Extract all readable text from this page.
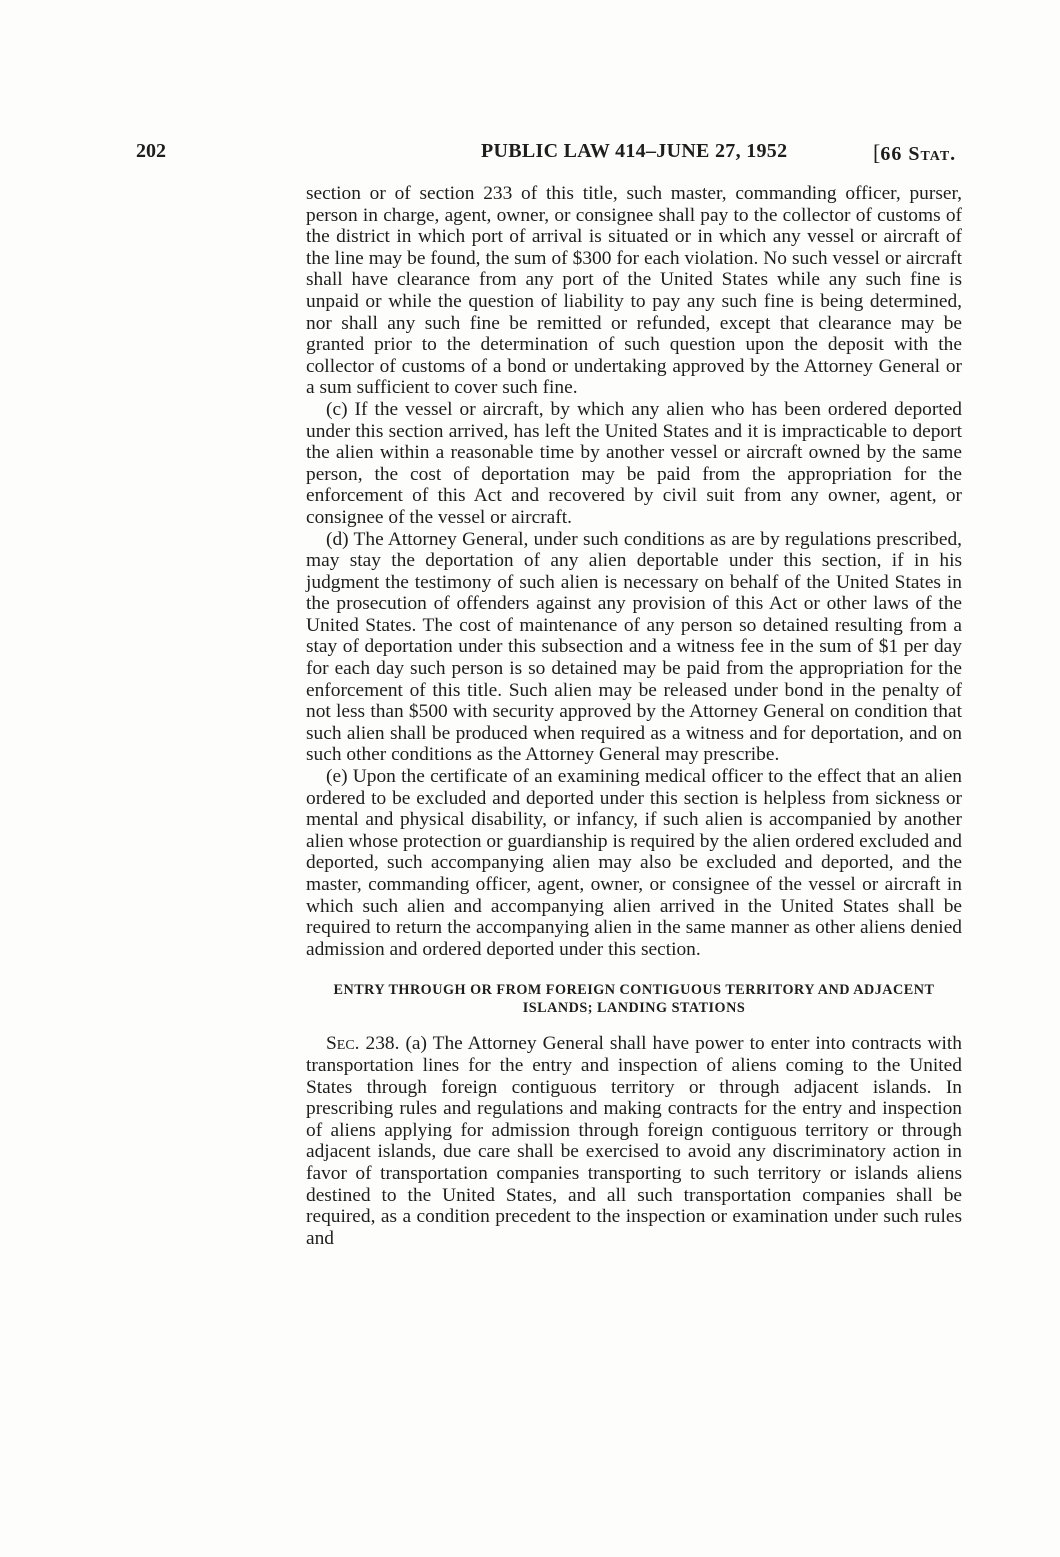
202	PUBLIC LAW 414–JUNE 27, 1952	[66 Stat.

section or of section 233 of this title, such master, commanding officer, purser, person in charge, agent, owner, or consignee shall pay to the collector of customs of the district in which port of arrival is situated or in which any vessel or aircraft of the line may be found, the sum of $300 for each violation. No such vessel or aircraft shall have clearance from any port of the United States while any such fine is unpaid or while the question of liability to pay any such fine is being determined, nor shall any such fine be remitted or refunded, except that clearance may be granted prior to the determination of such question upon the deposit with the collector of customs of a bond or undertaking approved by the Attorney General or a sum sufficient to cover such fine.

(c) If the vessel or aircraft, by which any alien who has been ordered deported under this section arrived, has left the United States and it is impracticable to deport the alien within a reasonable time by another vessel or aircraft owned by the same person, the cost of deportation may be paid from the appropriation for the enforcement of this Act and recovered by civil suit from any owner, agent, or consignee of the vessel or aircraft.

(d) The Attorney General, under such conditions as are by regulations prescribed, may stay the deportation of any alien deportable under this section, if in his judgment the testimony of such alien is necessary on behalf of the United States in the prosecution of offenders against any provision of this Act or other laws of the United States. The cost of maintenance of any person so detained resulting from a stay of deportation under this subsection and a witness fee in the sum of $1 per day for each day such person is so detained may be paid from the appropriation for the enforcement of this title. Such alien may be released under bond in the penalty of not less than $500 with security approved by the Attorney General on condition that such alien shall be produced when required as a witness and for deportation, and on such other conditions as the Attorney General may prescribe.

(e) Upon the certificate of an examining medical officer to the effect that an alien ordered to be excluded and deported under this section is helpless from sickness or mental and physical disability, or infancy, if such alien is accompanied by another alien whose protection or guardianship is required by the alien ordered excluded and deported, such accompanying alien may also be excluded and deported, and the master, commanding officer, agent, owner, or consignee of the vessel or aircraft in which such alien and accompanying alien arrived in the United States shall be required to return the accompanying alien in the same manner as other aliens denied admission and ordered deported under this section.

ENTRY THROUGH OR FROM FOREIGN CONTIGUOUS TERRITORY AND ADJACENT
ISLANDS; LANDING STATIONS

Sec. 238. (a) The Attorney General shall have power to enter into contracts with transportation lines for the entry and inspection of aliens coming to the United States through foreign contiguous territory or through adjacent islands. In prescribing rules and regulations and making contracts for the entry and inspection of aliens applying for admission through foreign contiguous territory or through adjacent islands, due care shall be exercised to avoid any discriminatory action in favor of transportation companies transporting to such territory or islands aliens destined to the United States, and all such transportation companies shall be required, as a condition precedent to the inspection or examination under such rules and
